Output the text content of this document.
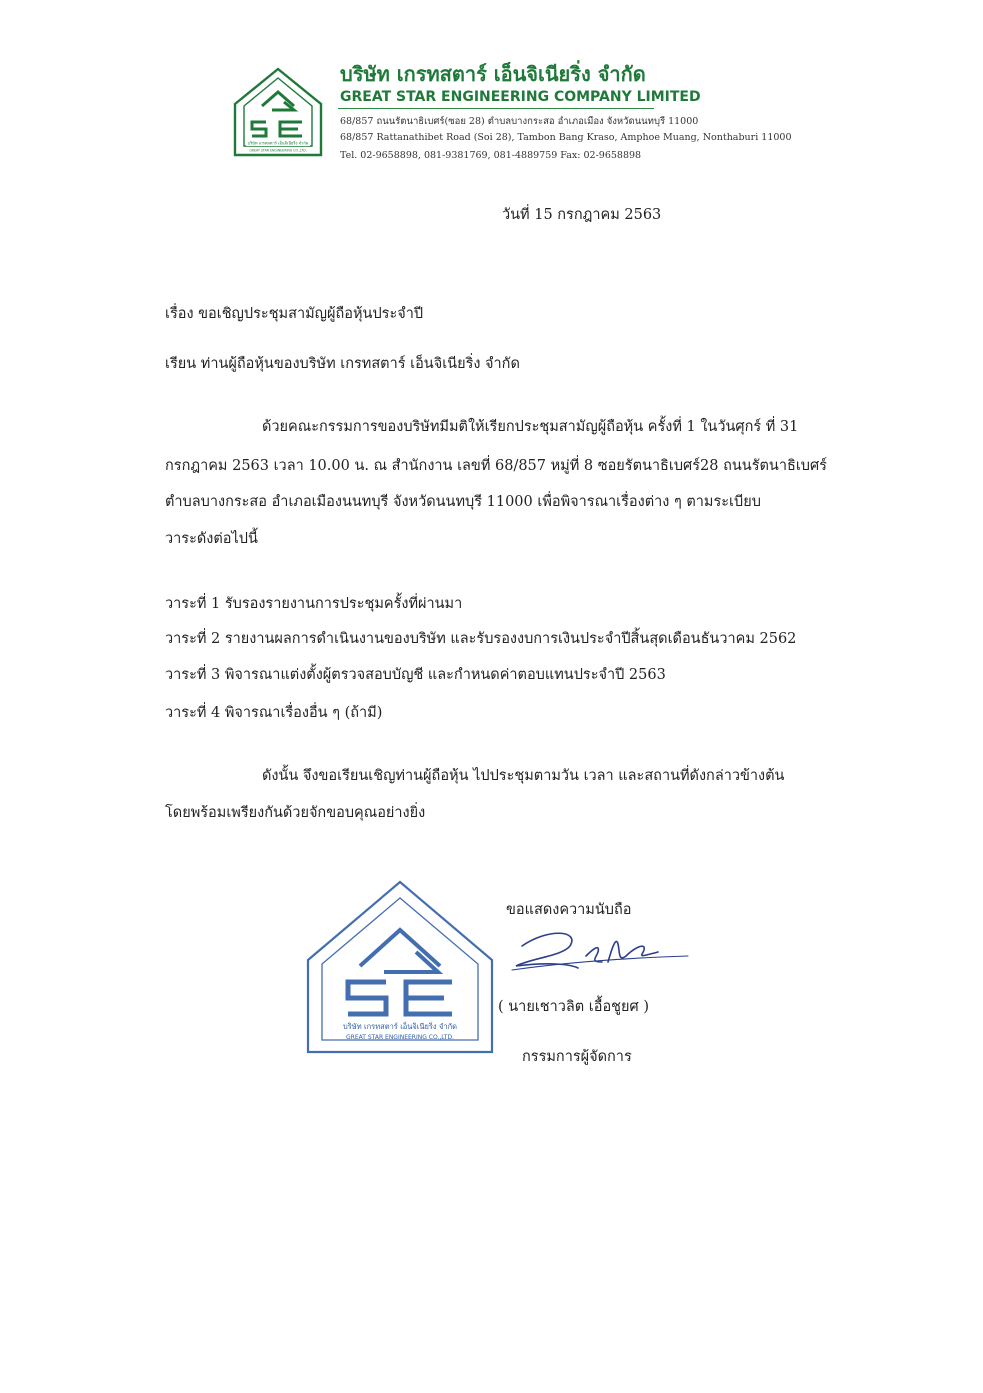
บริษัท เกรทสตาร์ เอ็นจิเนียริ่ง จำกัด
GREAT STAR ENGINEERING CO.,LTD.
บริษัท เกรทสตาร์ เอ็นจิเนียริ่ง จำกัด
GREAT STAR ENGINEERING COMPANY LIMITED
68/857 ถนนรัตนาธิเบศร์(ซอย 28) ตำบลบางกระสอ อำเภอเมือง จังหวัดนนทบุรี 11000
68/857 Rattanathibet Road (Soi 28), Tambon Bang Kraso, Amphoe Muang, Nonthaburi 11000
Tel. 02-9658898, 081-9381769, 081-4889759 Fax: 02-9658898
วันที่ 15 กรกฎาคม 2563
เรื่อง ขอเชิญประชุมสามัญผู้ถือหุ้นประจำปี
เรียน ท่านผู้ถือหุ้นของบริษัท เกรทสตาร์ เอ็นจิเนียริ่ง จำกัด
ด้วยคณะกรรมการของบริษัทมีมติให้เรียกประชุมสามัญผู้ถือหุ้น ครั้งที่ 1 ในวันศุกร์ ที่ 31
กรกฎาคม 2563 เวลา 10.00 น. ณ สำนักงาน เลขที่ 68/857 หมู่ที่ 8 ซอยรัตนาธิเบศร์28 ถนนรัตนาธิเบศร์
ตำบลบางกระสอ อำเภอเมืองนนทบุรี จังหวัดนนทบุรี 11000 เพื่อพิจารณาเรื่องต่าง ๆ ตามระเบียบ
วาระดังต่อไปนี้
วาระที่ 1 รับรองรายงานการประชุมครั้งที่ผ่านมา
วาระที่ 2 รายงานผลการดำเนินงานของบริษัท และรับรองงบการเงินประจำปีสิ้นสุดเดือนธันวาคม 2562
วาระที่ 3 พิจารณาแต่งตั้งผู้ตรวจสอบบัญชี และกำหนดค่าตอบแทนประจำปี 2563
วาระที่ 4 พิจารณาเรื่องอื่น ๆ (ถ้ามี)
ดังนั้น จึงขอเรียนเชิญท่านผู้ถือหุ้น ไปประชุมตามวัน เวลา และสถานที่ดังกล่าวข้างต้น
โดยพร้อมเพรียงกันด้วยจักขอบคุณอย่างยิ่ง
บริษัท เกรทสตาร์ เอ็นจิเนียริ่ง จำกัด
GREAT STAR ENGINEERING CO.,LTD.
ขอแสดงความนับถือ
( นายเชาวลิต เอื้อชูยศ )
กรรมการผู้จัดการ
